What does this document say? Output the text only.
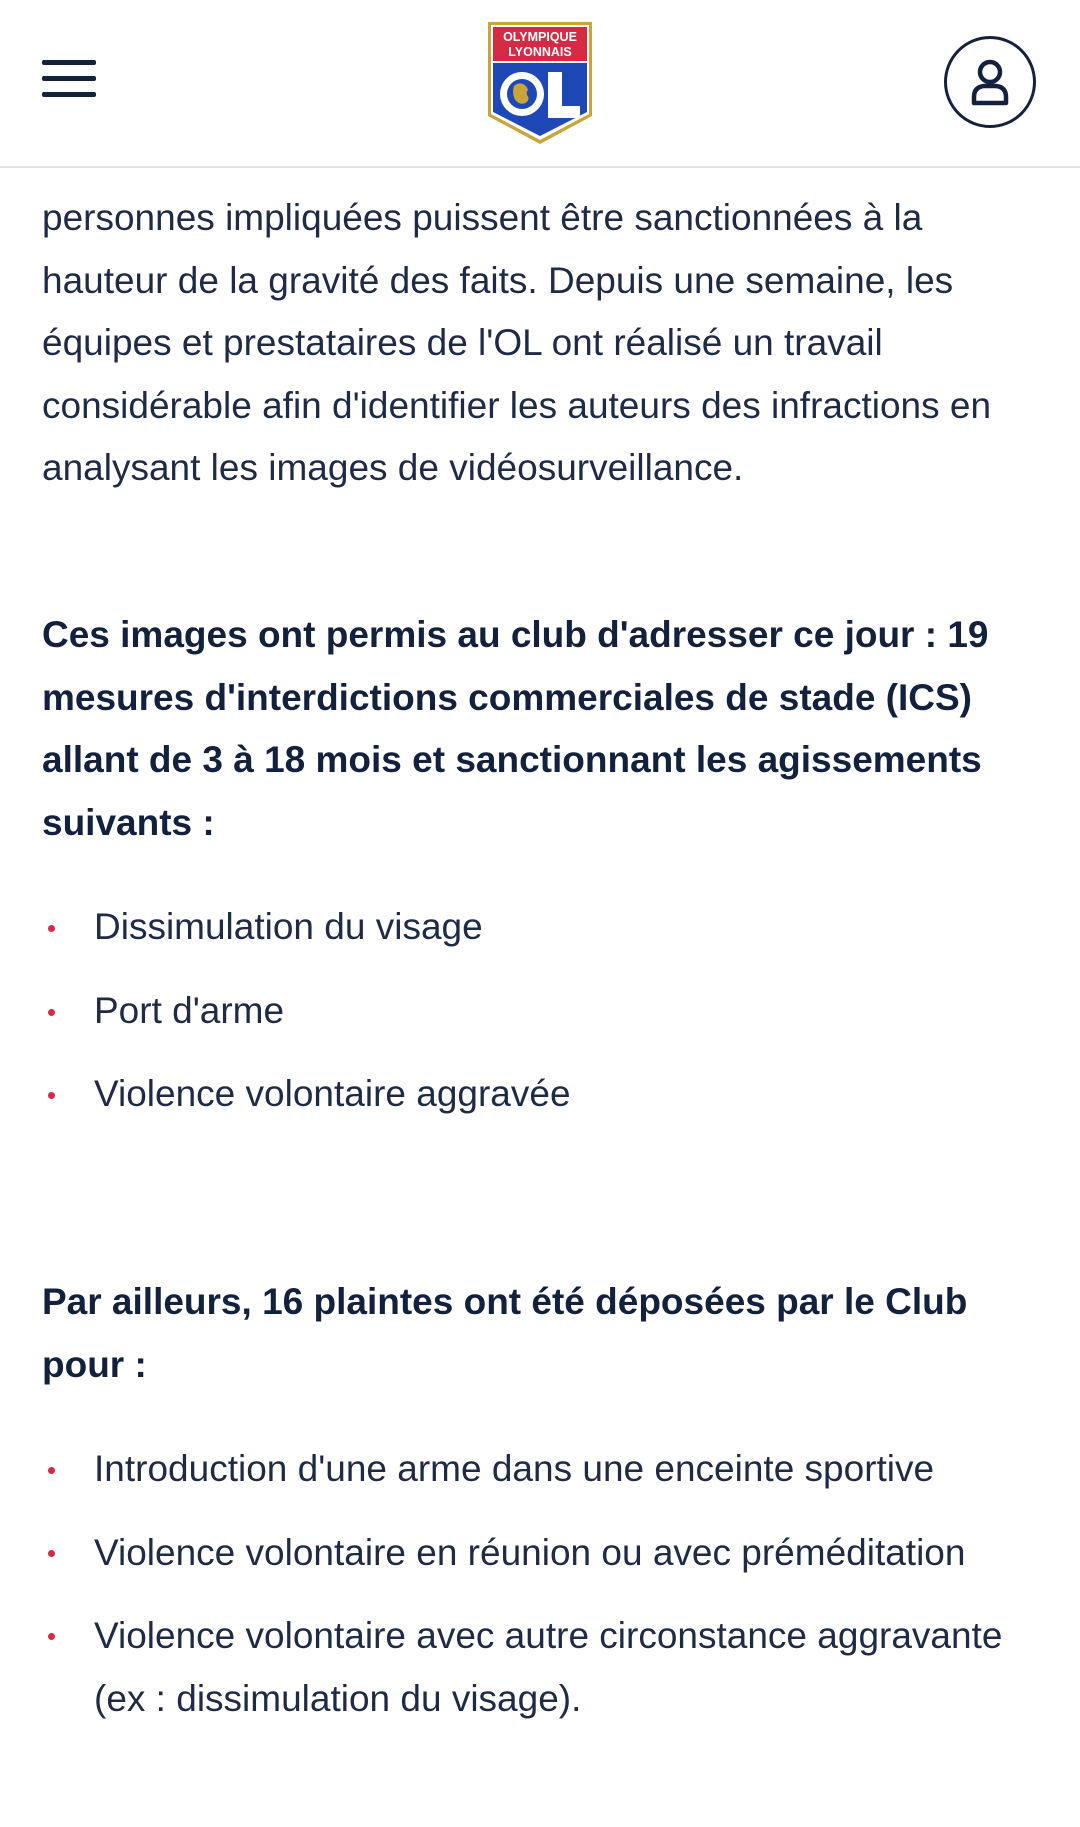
OLYMPIQUE
LYONNAIS

personnes impliquées puissent être sanctionnées à la hauteur de la gravité des faits. Depuis une semaine, les équipes et prestataires de l'OL ont réalisé un travail considérable afin d'identifier les auteurs des infractions en analysant les images de vidéosurveillance.

Ces images ont permis au club d'adresser ce jour : 19 mesures d'interdictions commerciales de stade (ICS) allant de 3 à 18 mois et sanctionnant les agissements suivants :

Dissimulation du visage
Port d'arme
Violence volontaire aggravée

Par ailleurs, 16 plaintes ont été déposées par le Club pour :

Introduction d'une arme dans une enceinte sportive
Violence volontaire en réunion ou avec préméditation
Violence volontaire avec autre circonstance aggravante (ex : dissimulation du visage).
